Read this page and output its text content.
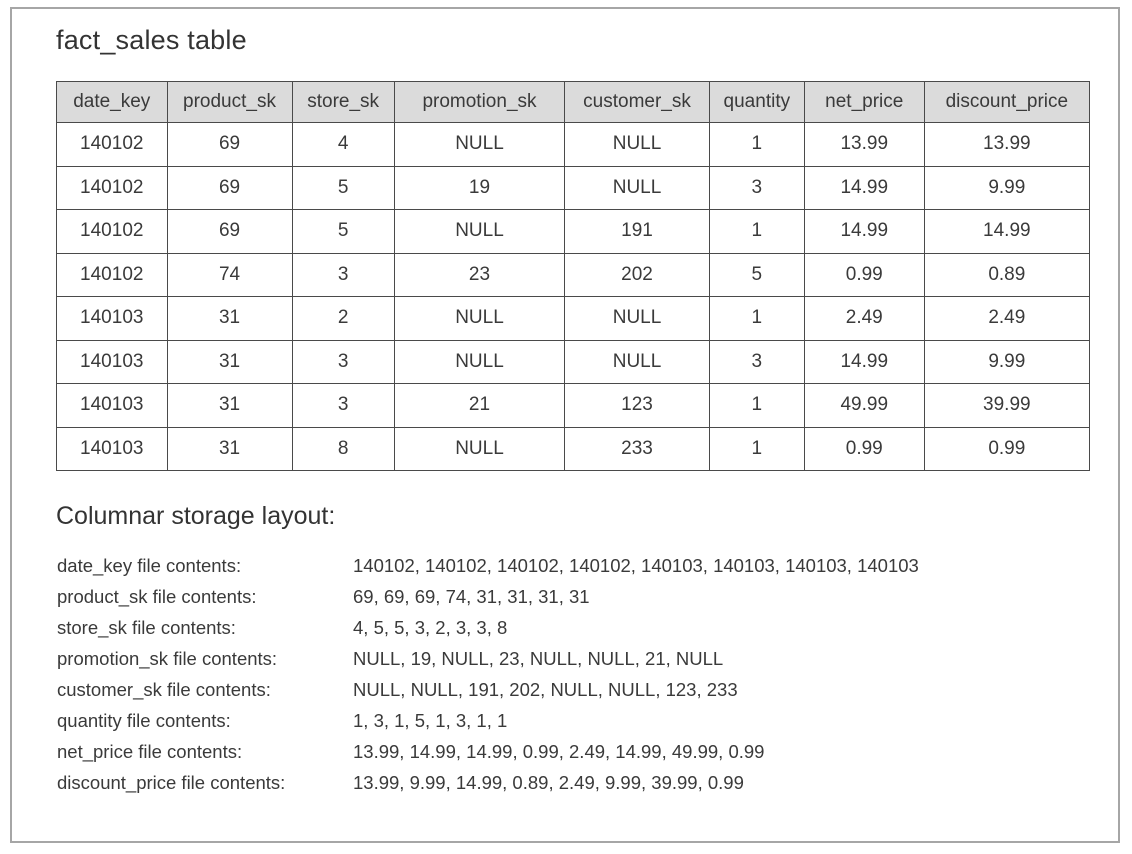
fact_sales table
date_key	product_sk	store_sk	promotion_sk	customer_sk	quantity	net_price	discount_price
140102	69	4	NULL	NULL	1	13.99	13.99
140102	69	5	19	NULL	3	14.99	9.99
140102	69	5	NULL	191	1	14.99	14.99
140102	74	3	23	202	5	0.99	0.89
140103	31	2	NULL	NULL	1	2.49	2.49
140103	31	3	NULL	NULL	3	14.99	9.99
140103	31	3	21	123	1	49.99	39.99
140103	31	8	NULL	233	1	0.99	0.99
Columnar storage layout:
date_key file contents:	140102, 140102, 140102, 140102, 140103, 140103, 140103, 140103
product_sk file contents:	69, 69, 69, 74, 31, 31, 31, 31
store_sk file contents:	4, 5, 5, 3, 2, 3, 3, 8
promotion_sk file contents:	NULL, 19, NULL, 23, NULL, NULL, 21, NULL
customer_sk file contents:	NULL, NULL, 191, 202, NULL, NULL, 123, 233
quantity file contents:	1, 3, 1, 5, 1, 3, 1, 1
net_price file contents:	13.99, 14.99, 14.99, 0.99, 2.49, 14.99, 49.99, 0.99
discount_price file contents:	13.99, 9.99, 14.99, 0.89, 2.49, 9.99, 39.99, 0.99
